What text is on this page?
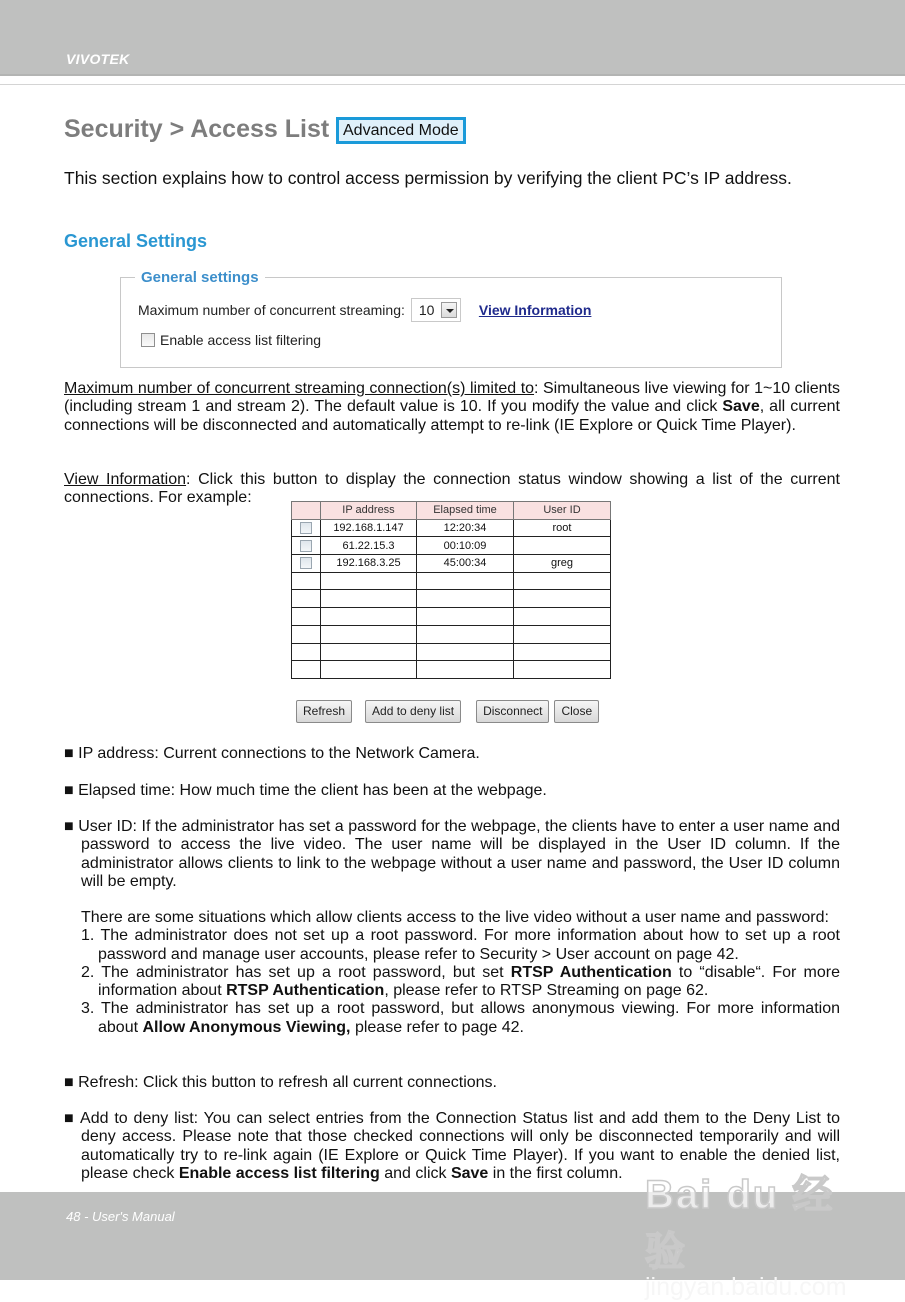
VIVOTEK
Security > Access List Advanced Mode
This section explains how to control access permission by verifying the client PC’s IP address.
General Settings
General settings
Maximum number of concurrent streaming: 10	View Information
Enable access list filtering
Maximum number of concurrent streaming connection(s) limited to: Simultaneous live viewing for 1~10 clients (including stream 1 and stream 2). The default value is 10. If you modify the value and click Save, all current connections will be disconnected and automatically attempt to re-link (IE Explore or Quick Time Player).
View Information: Click this button to display the connection status window showing a list of the current connections. For example:
	IP address	Elapsed time	User ID
	192.168.1.147	12:20:34	root
	61.22.15.3	00:10:09	
	192.168.3.25	45:00:34	greg

Refresh	Add to deny list	Disconnect	Close
■ IP address: Current connections to the Network Camera.
■ Elapsed time: How much time the client has been at the webpage.
■ User ID: If the administrator has set a password for the webpage, the clients have to enter a user name and password to access the live video. The user name will be displayed in the User ID column. If the administrator allows clients to link to the webpage without a user name and password, the User ID column will be empty.
There are some situations which allow clients access to the live video without a user name and password:
1. The administrator does not set up a root password. For more information about how to set up a root password and manage user accounts, please refer to Security > User account on page 42.
2. The administrator has set up a root password, but set RTSP Authentication to “disable“. For more information about RTSP Authentication, please refer to RTSP Streaming on page 62.
3. The administrator has set up a root password, but allows anonymous viewing. For more information about Allow Anonymous Viewing, please refer to page 42.
■ Refresh: Click this button to refresh all current connections.
■ Add to deny list: You can select entries from the Connection Status list and add them to the Deny List to deny access. Please note that those checked connections will only be disconnected temporarily and will automatically try to re-link again (IE Explore or Quick Time Player). If you want to enable the denied list, please check Enable access list filtering and click Save in the first column.
48 - User's Manual	Bai du 经验
jingyan.baidu.com
